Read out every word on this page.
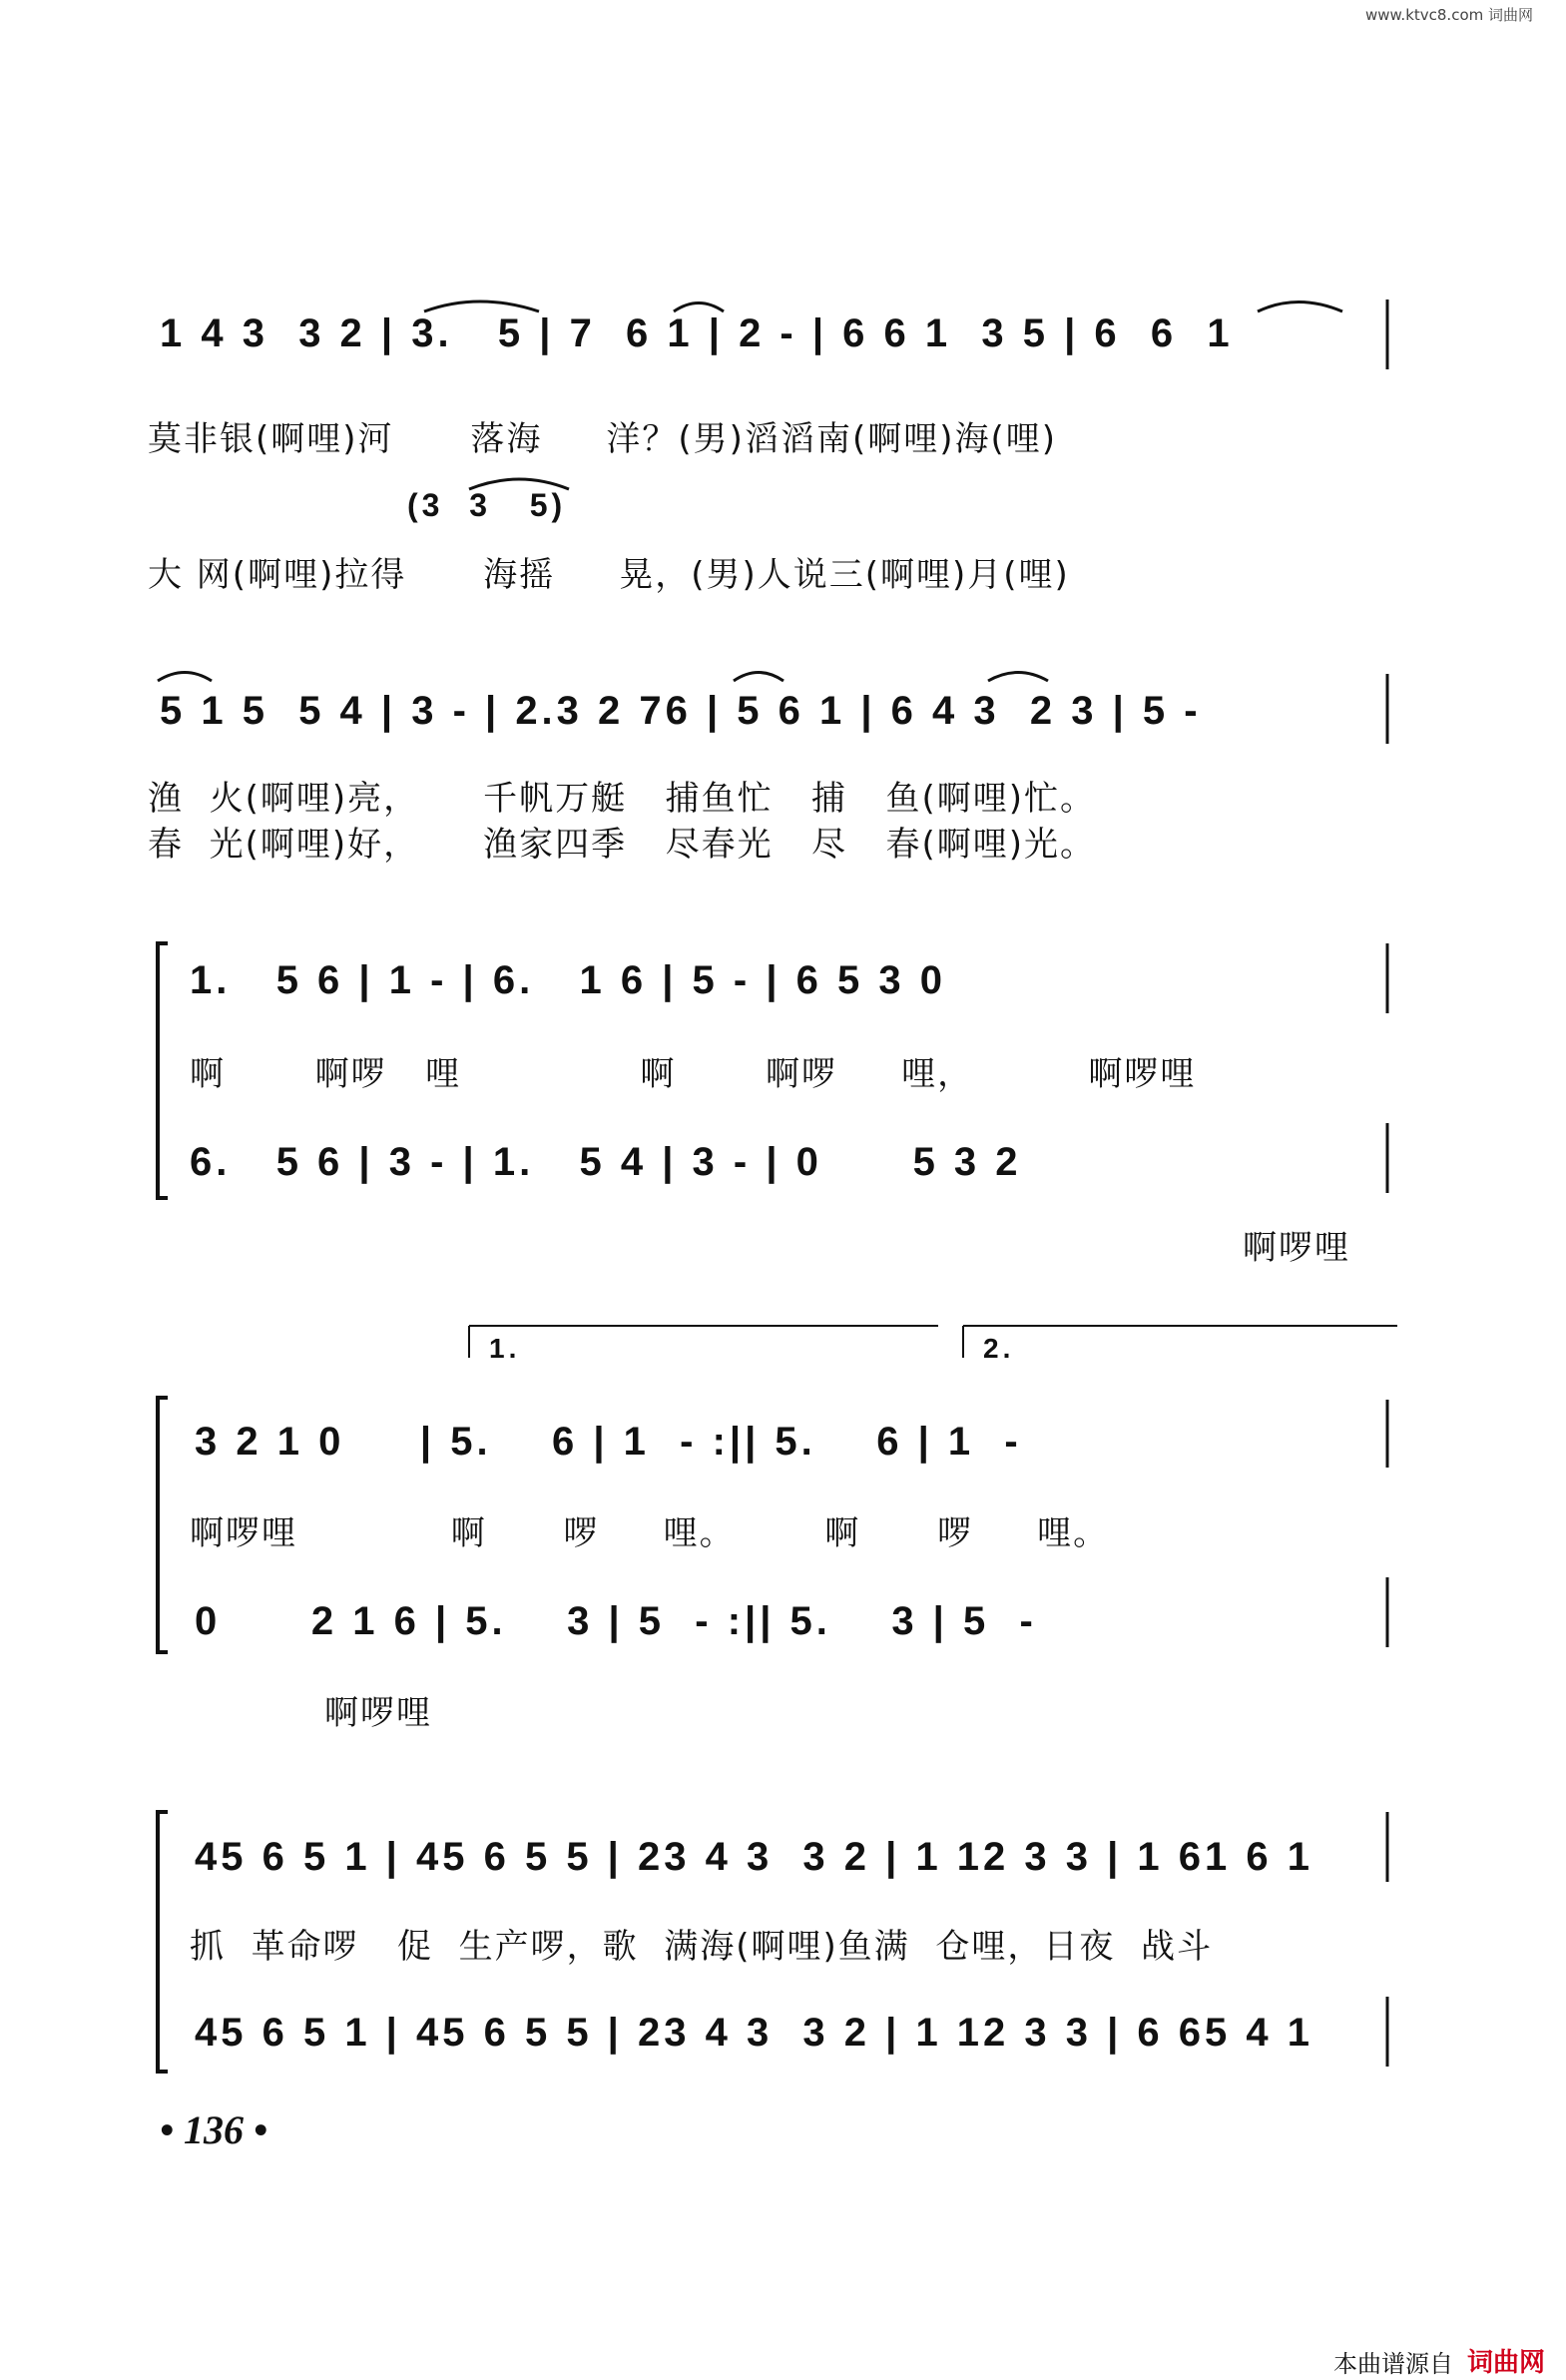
www.ktvc8.com 词曲网
1 4 3  3 2 | 3.   5 | 7  6 1 | 2 - | 6 6 1  3 5 | 6  6  1
莫非银(啊哩)河      落海     洋？(男)滔滔南(啊哩)海(哩)
(3  3   5)
大 网(啊哩)拉得      海摇     晃，(男)人说三(啊哩)月(哩)
5 1 5  5 4 | 3 - | 2.3 2 76 | 5 6 1 | 6 4 3  2 3 | 5 -
渔  火(啊哩)亮，     千帆万艇   捕鱼忙   捕   鱼(啊哩)忙。
春  光(啊哩)好，     渔家四季   尽春光   尽   春(啊哩)光。
1.   5 6 | 1 - | 6.   1 6 | 5 - | 6 5 3 0
啊       啊啰   哩              啊       啊啰     哩，         啊啰哩
6.   5 6 | 3 - | 1.   5 4 | 3 - | 0      5 3 2
啊啰哩
1.	2.
3 2 1 0     | 5.    6 | 1  - :|| 5.    6 | 1  -
啊啰哩            啊      啰     哩。       啊      啰     哩。
0      2 1 6 | 5.    3 | 5  - :|| 5.    3 | 5  -
啊啰哩
45 6 5 1 | 45 6 5 5 | 23 4 3  3 2 | 1 12 3 3 | 1 61 6 1
抓  革命啰   促  生产啰，歌  满海(啊哩)鱼满  仓哩，日夜  战斗
45 6 5 1 | 45 6 5 5 | 23 4 3  3 2 | 1 12 3 3 | 6 65 4 1
• 136 •
本曲谱源自 词曲网
